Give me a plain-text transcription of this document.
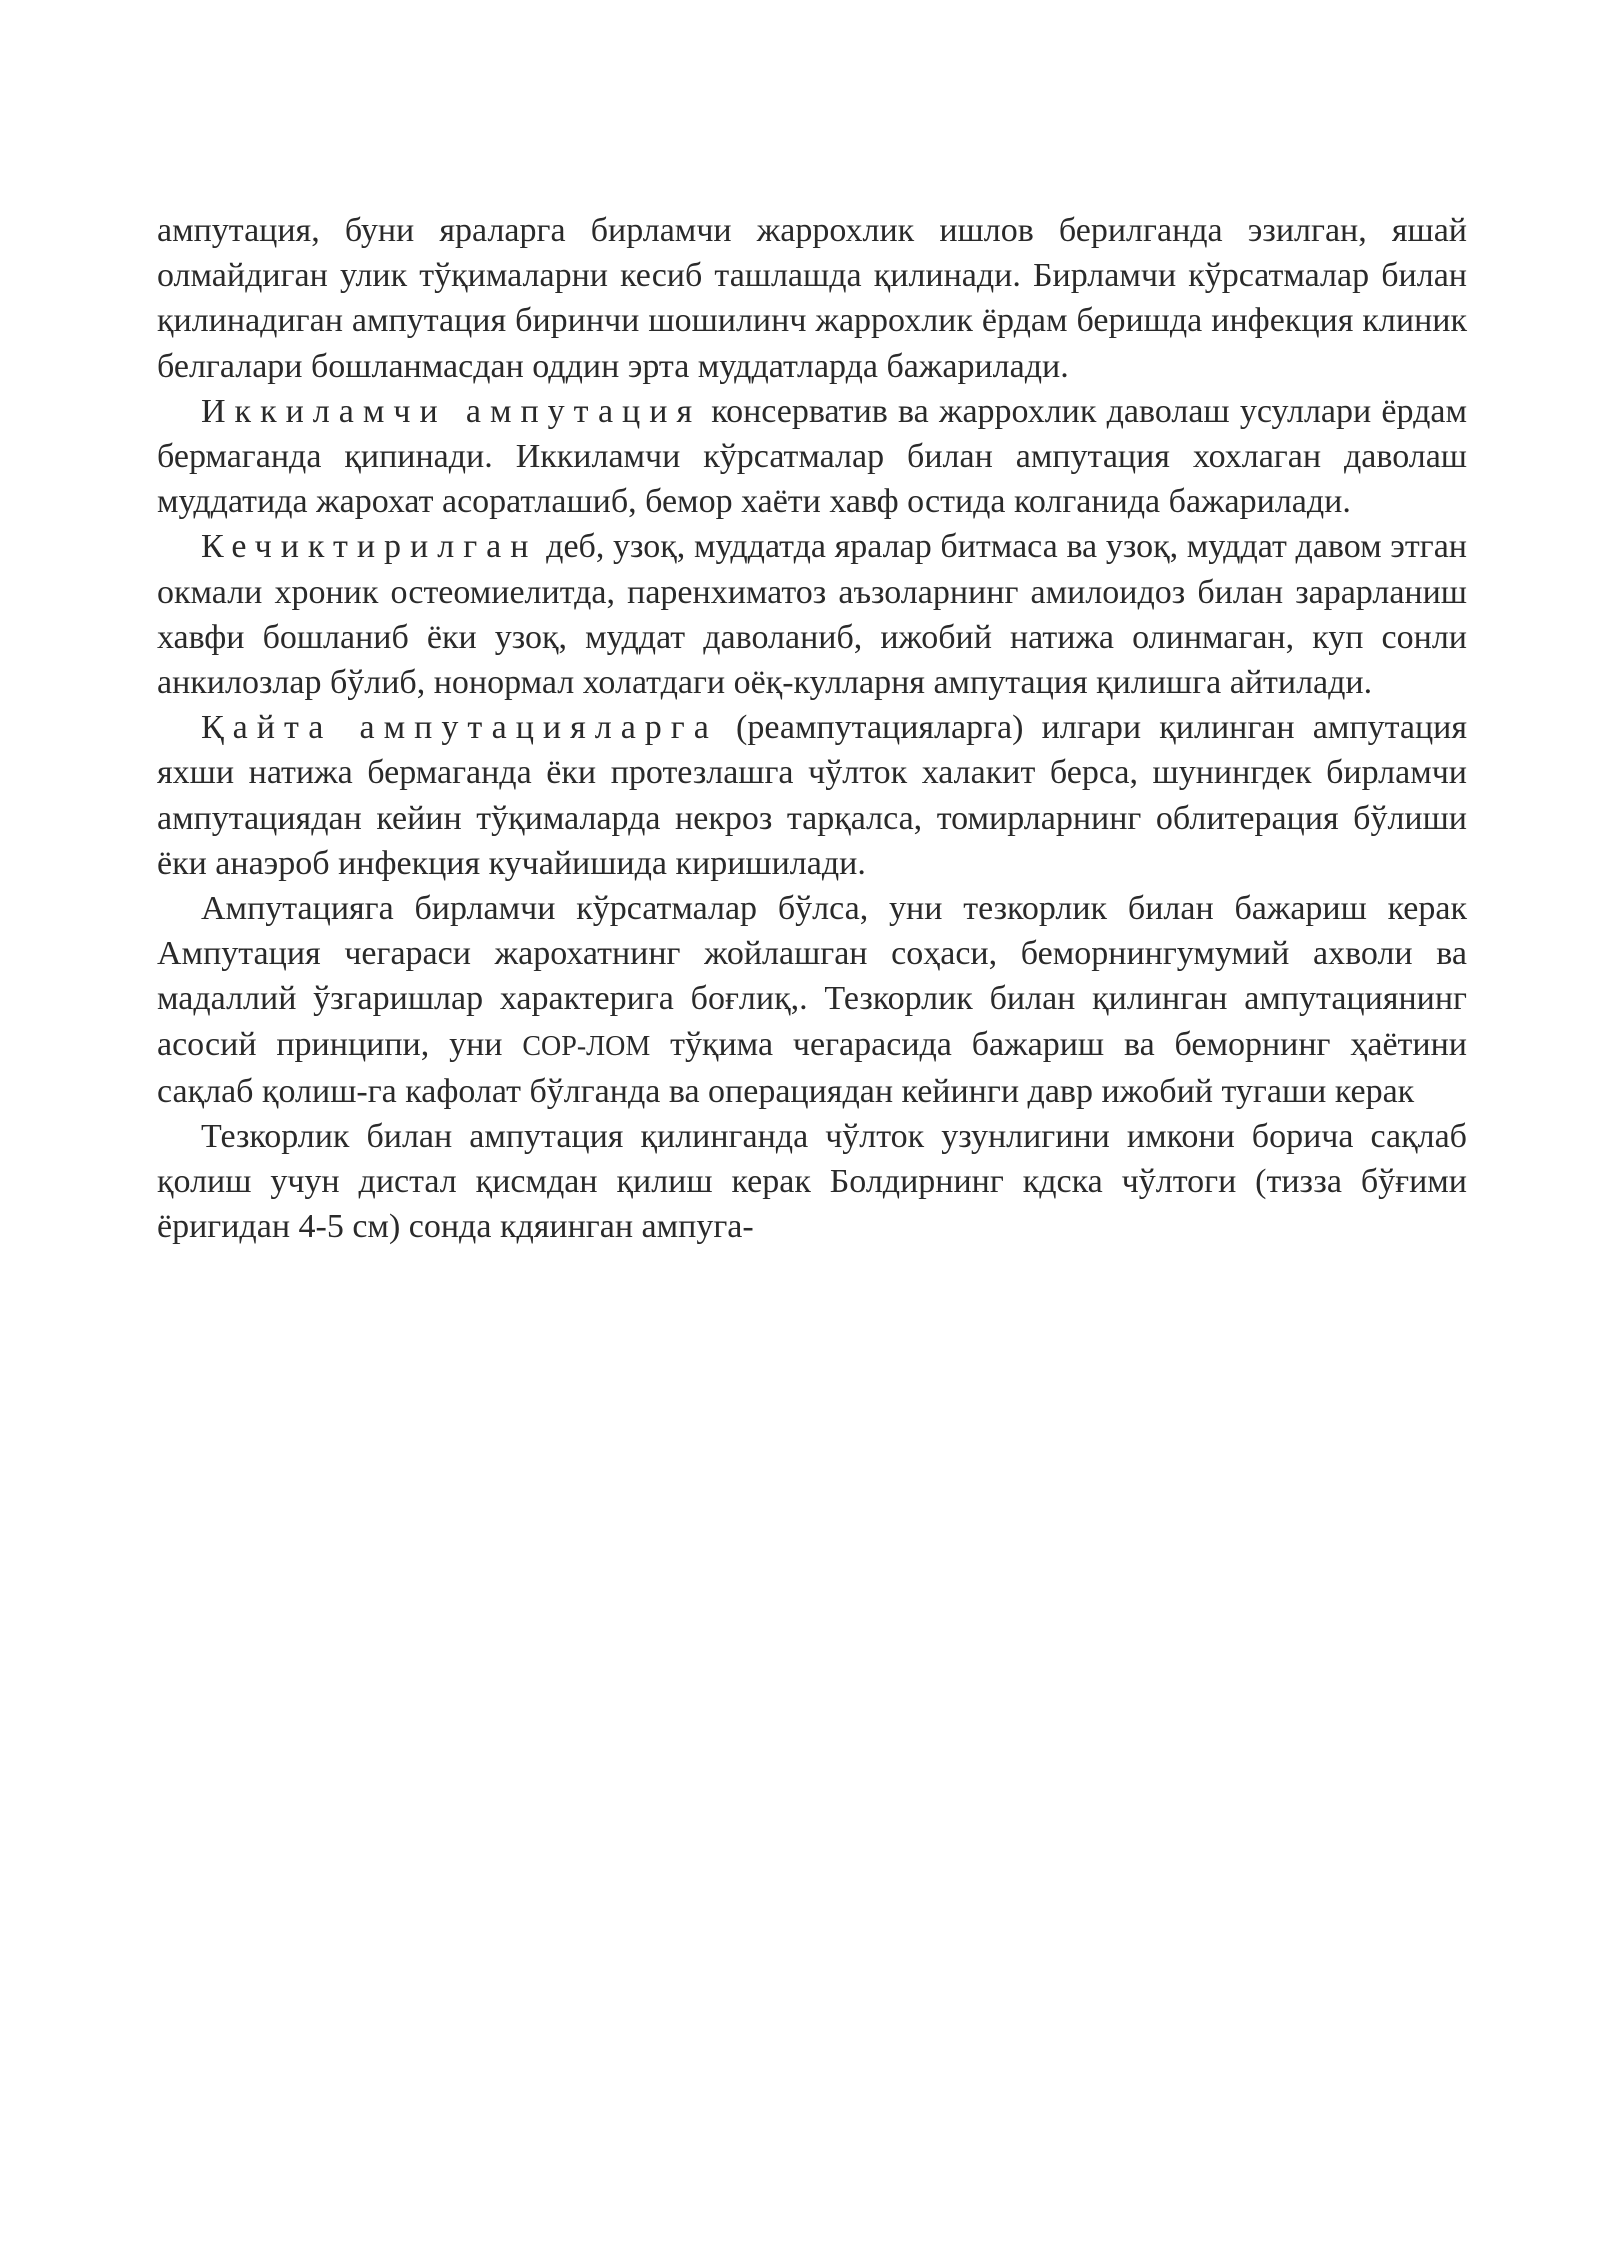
ампутация, буни яраларга бирламчи жаррохлик ишлов берилганда эзилган, яшай олмайдиган улик тўқималарни кесиб ташлашда қилинади. Бирламчи кўрсатмалар билан қилинадиган ампутация биринчи шошилинч жаррохлик ёрдам беришда инфекция клиник белгалари бошланмасдан оддин эрта муддатларда бажарилади.

Иккиламчи ампутация консерватив ва жаррохлик даволаш усуллари ёрдам бермаганда қипинади. Иккиламчи кўрсатмалар билан ампутация хохлаган даволаш муддатида жарохат асоратлашиб, бемор хаёти хавф остида колганида бажарилади.

Кечиктирилган деб, узоқ, муддатда яралар битмаса ва узоқ, муддат давом этган окмали хроник остеомиелитда, паренхиматоз аъзоларнинг амилоидоз билан зарарланиш хавфи бошланиб ёки узоқ, муддат даволаниб, ижобий натижа олинмаган, куп сонли анкилозлар бўлиб, нонормал холатдаги оёқ-кулларня ампутация қилишга айтилади.

Қайта ампутацияларга (реампутацияларга) илгари қилинган ампутация яхши натижа бермаганда ёки протезлашга чўлток халакит берса, шунингдек бирламчи ампутациядан кейин тўқималарда некроз тарқалса, томирларнинг облитерация бўлиши ёки анаэроб инфекция кучайишида киришилади.

Ампутацияга бирламчи кўрсатмалар бўлса, уни тезкорлик билан бажариш керак Ампутация чегараси жарохатнинг жойлашган соҳаси, беморнингумумий ахволи ва мадаллий ўзгаришлар характерига боғлиқ,. Тезкорлик билан қилинган ампутациянинг асосий принципи, уни СОР-ЛОМ тўқима чегарасида бажариш ва беморнинг ҳаётини сақлаб қолиш-га кафолат бўлганда ва операциядан кейинги давр ижобий тугаши керак

Тезкорлик билан ампутация қилинганда чўлток узунлигини имкони борича сақлаб қолиш учун дистал қисмдан қилиш керак Болдирнинг кдска чўлтоги (тизза бўғими ёригидан 4-5 см) сонда кдяинган ампуга-
